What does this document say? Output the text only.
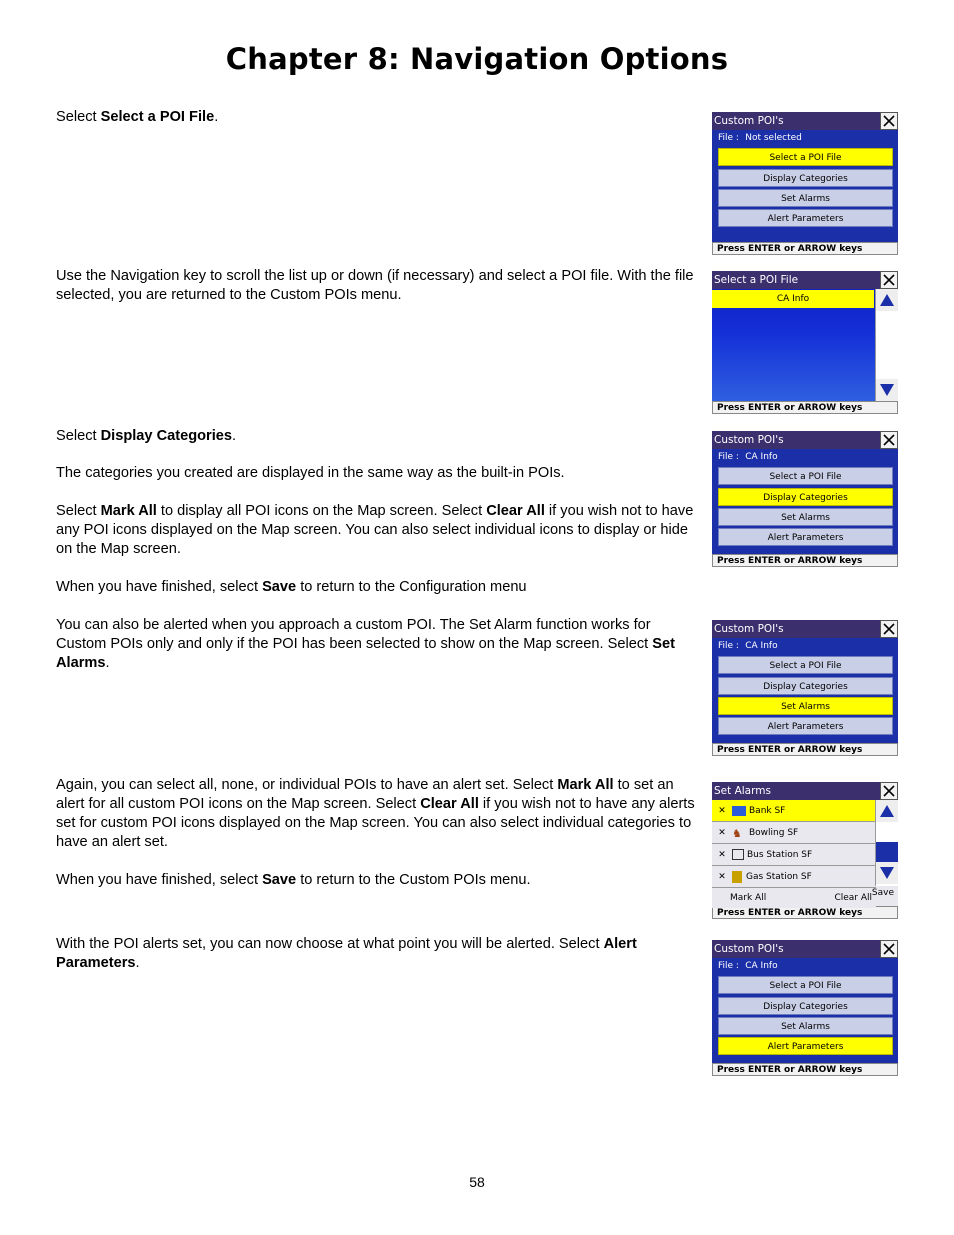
Chapter 8: Navigation Options

Select Select a POI File.

Use the Navigation key to scroll the list up or down (if necessary) and select a POI file. With the file selected, you are returned to the Custom POIs menu.

Select Display Categories.

The categories you created are displayed in the same way as the built-in POIs.

Select Mark All to display all POI icons on the Map screen. Select Clear All if you wish not to have any POI icons displayed on the Map screen. You can also select individual icons to display or hide on the Map screen.

When you have finished, select Save to return to the Configuration menu

You can also be alerted when you approach a custom POI. The Set Alarm function works for Custom POIs only and only if the POI has been selected to show on the Map screen. Select Set Alarms.

Again, you can select all, none, or individual POIs to have an alert set. Select Mark All to set an alert for all custom POI icons on the Map screen. Select Clear All if you wish not to have any alerts set for custom POI icons displayed on the Map screen. You can also select individual categories to have an alert set.

When you have finished, select Save to return to the Custom POIs menu.

With the POI alerts set, you can now choose at what point you will be alerted. Select Alert Parameters.

Custom POI's
File : Not selected
Select a POI File
Display Categories
Set Alarms
Alert Parameters
Press ENTER or ARROW keys
Select a POI File
CA Info
Press ENTER or ARROW keys
Custom POI's
File : CA Info
Select a POI File
Display Categories
Set Alarms
Alert Parameters
Press ENTER or ARROW keys
Custom POI's
File : CA Info
Select a POI File
Display Categories
Set Alarms
Alert Parameters
Press ENTER or ARROW keys
Set Alarms
✕	Bank SF
✕ ♞ Bowling SF
✕	Bus Station SF
✕	Gas Station SF
Mark All	Clear All Save
Press ENTER or ARROW keys
Custom POI's
File : CA Info
Select a POI File
Display Categories
Set Alarms
Alert Parameters
Press ENTER or ARROW keys
58
